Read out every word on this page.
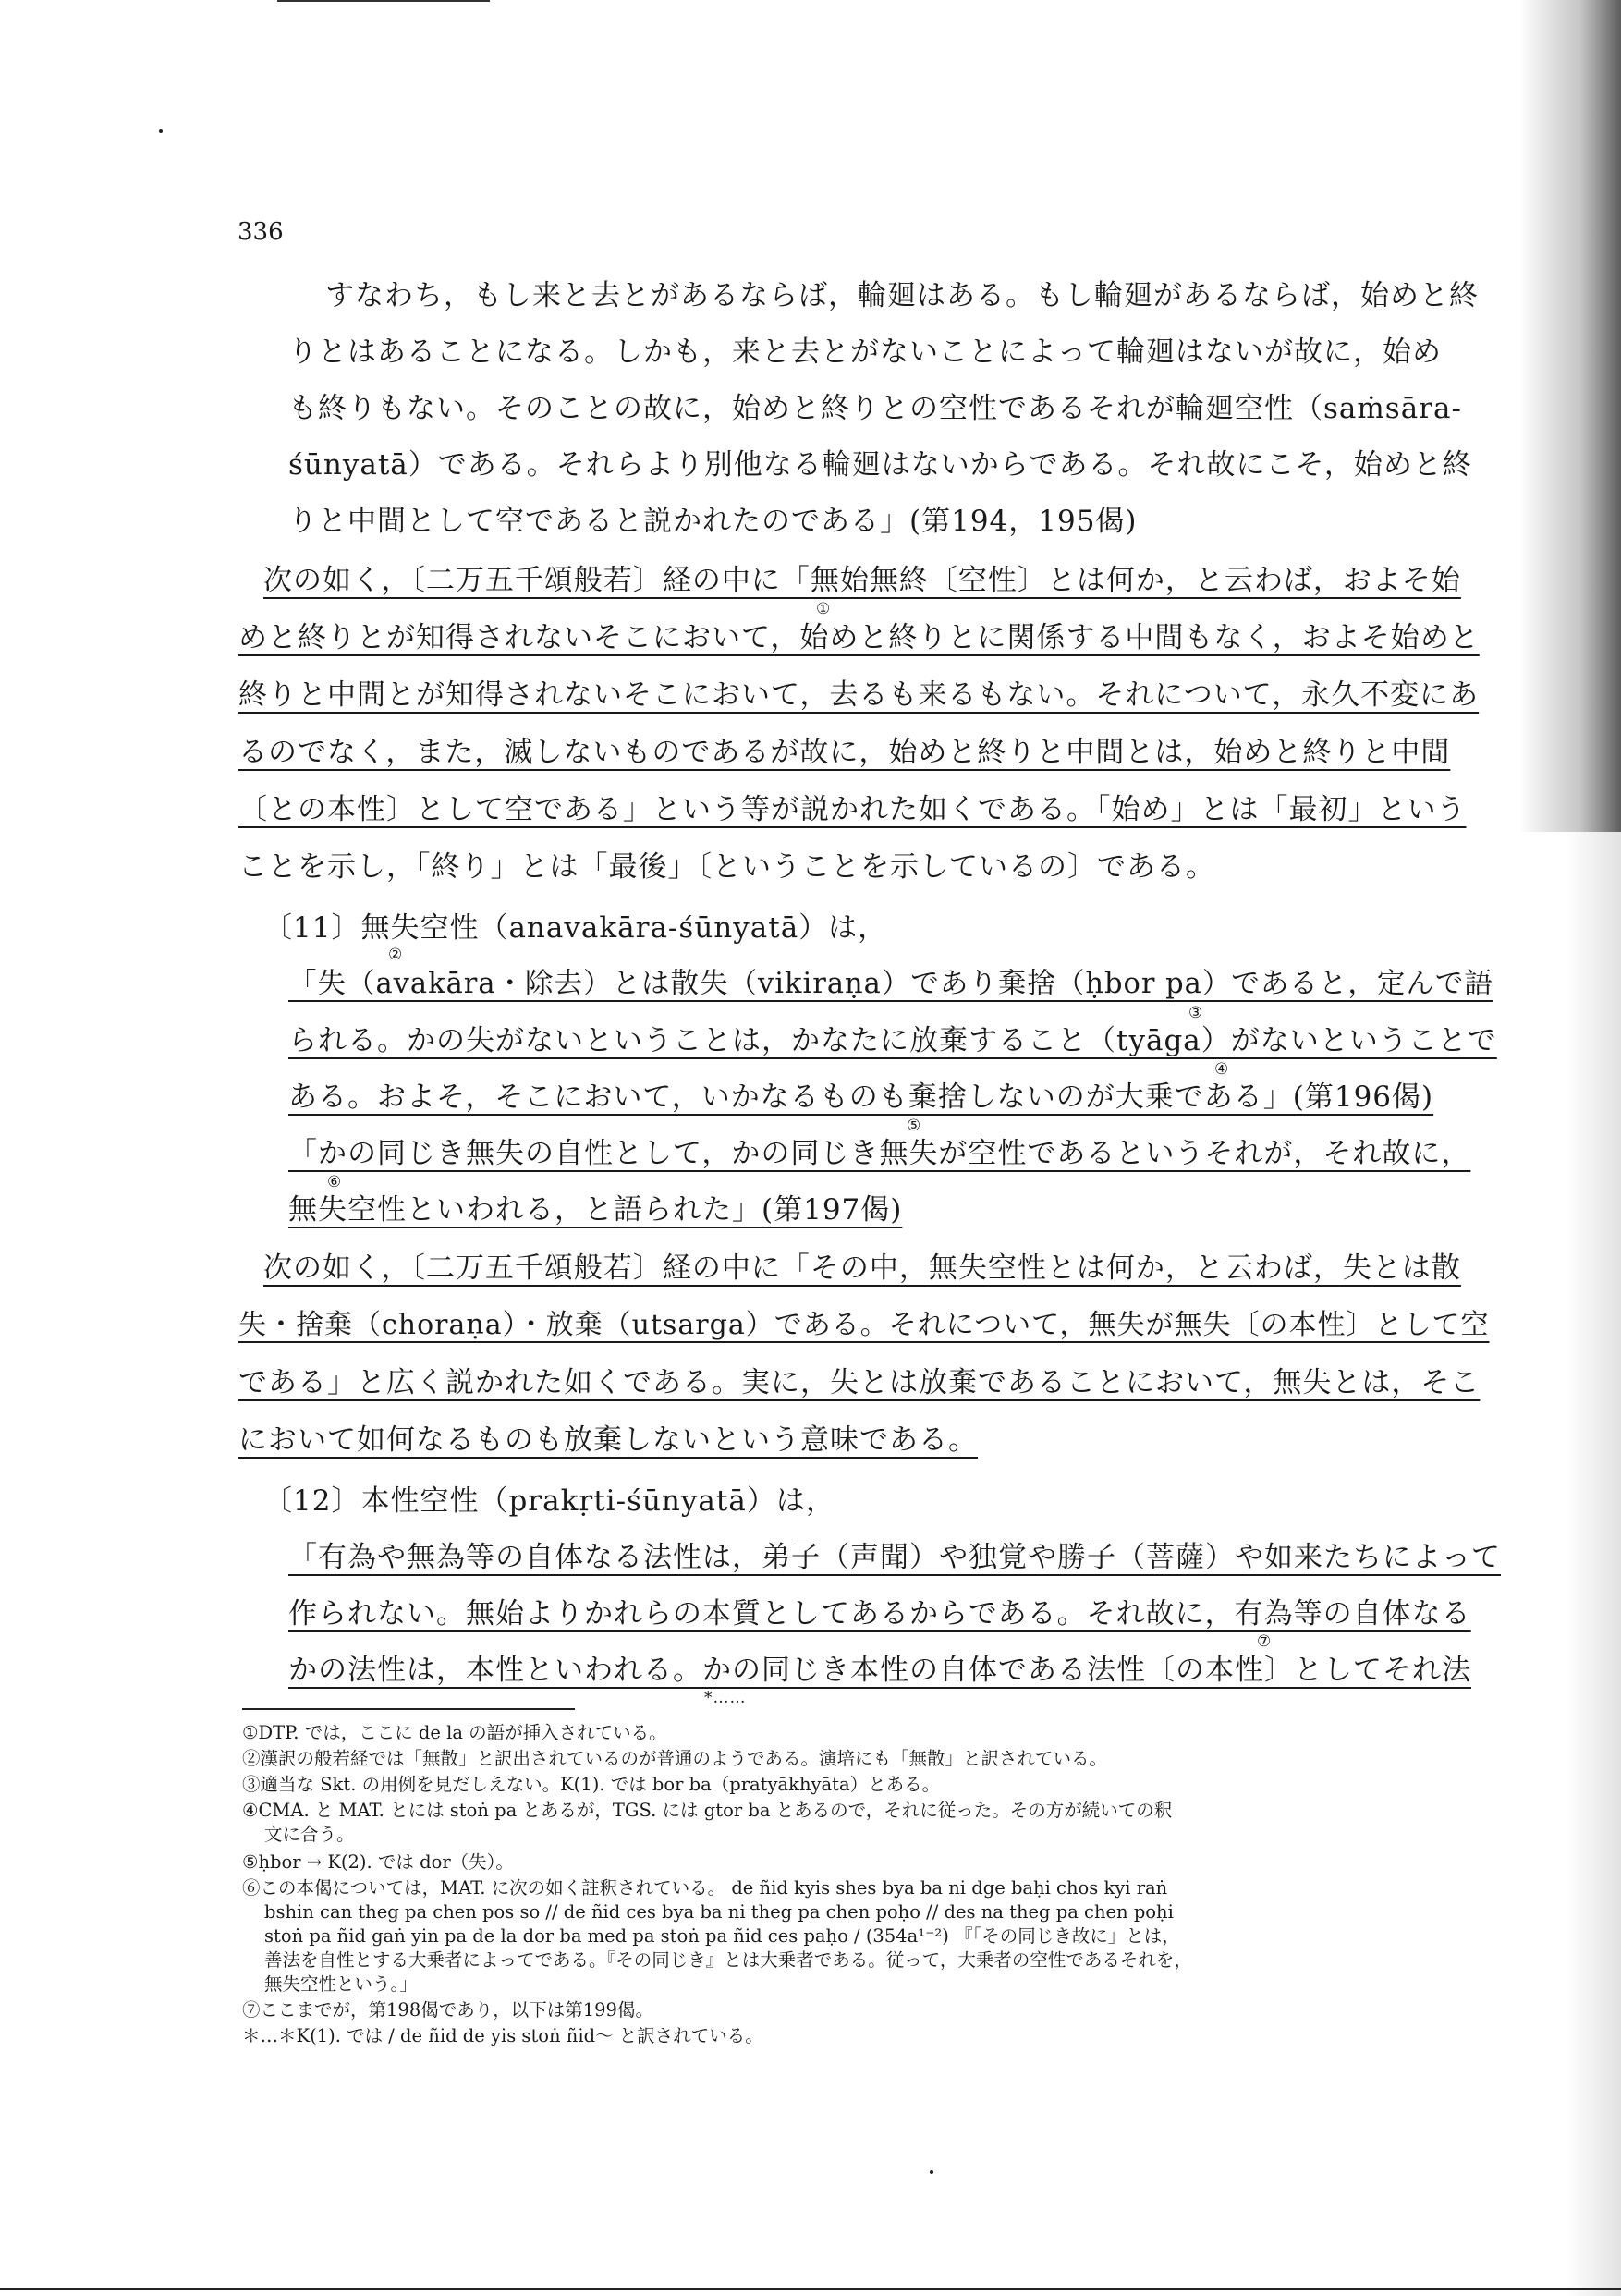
336
すなわち，もし来と去とがあるならば，輪廻はある。もし輪廻があるならば，始めと終
りとはあることになる。しかも，来と去とがないことによって輪廻はないが故に，始め
も終りもない。そのことの故に，始めと終りとの空性であるそれが輪廻空性（saṁsāra-
śūnyatā）である。それらより別他なる輪廻はないからである。それ故にこそ，始めと終
りと中間として空であると説かれたのである」(第194，195偈)
次の如く，〔二万五千頌般若〕経の中に「無始無終〔空性〕とは何か，と云わば，およそ始
めと終りとが知得されないそこにおいて，始めと終りとに関係する中間もなく，およそ始めと
終りと中間とが知得されないそこにおいて，去るも来るもない。それについて，永久不変にあ
るのでなく，また，滅しないものであるが故に，始めと終りと中間とは，始めと終りと中間
〔との本性〕として空である」という等が説かれた如くである。「始め」とは「最初」という
ことを示し，「終り」とは「最後」〔ということを示しているの〕である。
〔11〕無失空性（anavakāra-śūnyatā）は，
「失（avakāra・除去）とは散失（vikiraṇa）であり棄捨（ḥbor pa）であると，定んで語
られる。かの失がないということは，かなたに放棄すること（tyāga）がないということで
ある。およそ，そこにおいて，いかなるものも棄捨しないのが大乗である」(第196偈)
「かの同じき無失の自性として，かの同じき無失が空性であるというそれが，それ故に，
無失空性といわれる，と語られた」(第197偈)
次の如く，〔二万五千頌般若〕経の中に「その中，無失空性とは何か，と云わば，失とは散
失・捨棄（choraṇa）・放棄（utsarga）である。それについて，無失が無失〔の本性〕として空
である」と広く説かれた如くである。実に，失とは放棄であることにおいて，無失とは，そこ
において如何なるものも放棄しないという意味である。
〔12〕本性空性（prakṛti-śūnyatā）は，
「有為や無為等の自体なる法性は，弟子（声聞）や独覚や勝子（菩薩）や如来たちによって
作られない。無始よりかれらの本質としてあるからである。それ故に，有為等の自体なる
かの法性は，本性といわれる。かの同じき本性の自体である法性〔の本性〕としてそれ法
①
②
③
④
⑤
⑥
⑦
*……
①DTP. では，ここに de la の語が挿入されている。
②漢訳の般若経では「無散」と訳出されているのが普通のようである。演培にも「無散」と訳されている。
③適当な Skt. の用例を見だしえない。K(1). では bor ba（pratyākhyāta）とある。
④CMA. と MAT. とには stoṅ pa とあるが，TGS. には gtor ba とあるので，それに従った。その方が続いての釈
文に合う。
⑤ḥbor → K(2). では dor（失）。
⑥この本偈については，MAT. に次の如く註釈されている。 de ñid kyis shes bya ba ni dge baḥi chos kyi raṅ
bshin can theg pa chen pos so // de ñid ces bya ba ni theg pa chen poḥo // des na theg pa chen poḥi
stoṅ pa ñid gaṅ yin pa de la dor ba med pa stoṅ pa ñid ces paḥo / (354a¹⁻²) 『「その同じき故に」とは，
善法を自性とする大乗者によってである。『その同じき』とは大乗者である。従って，大乗者の空性であるそれを，
無失空性という。」
⑦ここまでが，第198偈であり，以下は第199偈。
＊…＊K(1). では / de ñid de yis stoṅ ñid～ と訳されている。
